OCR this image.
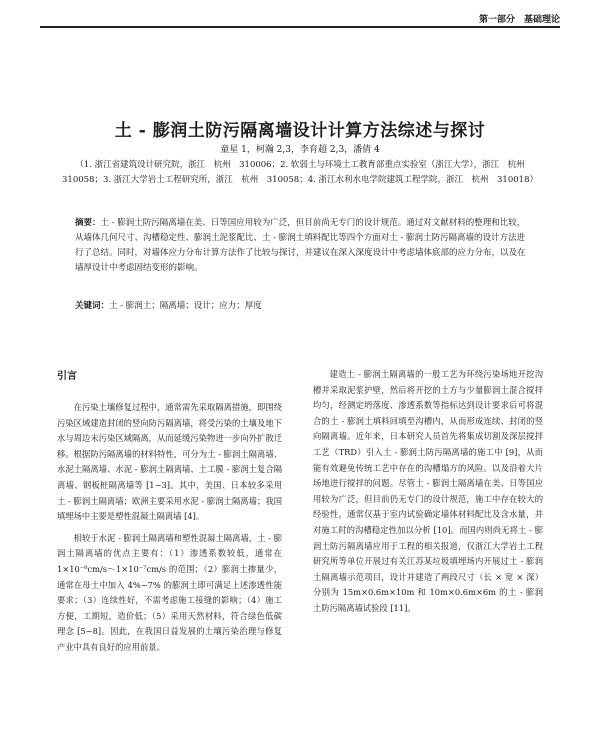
第一部分　基础理论
土 - 膨润土防污隔离墙设计计算方法综述与探讨
童星 1，柯瀚 2,3，李育超 2,3，潘倩 4
（1. 浙江省建筑设计研究院，浙江　杭州　310006；2. 软弱土与环境土工教育部重点实验室（浙江大学），浙江　杭州　310058；3. 浙江大学岩土工程研究所，浙江　杭州　310058；4. 浙江水利水电学院建筑工程学院，浙江　杭州　310018）
摘要：土 - 膨润土防污隔离墙在美、日等国应用较为广泛，但目前尚无专门的设计规范。通过对文献材料的整理和比较，从墙体几何尺寸、沟槽稳定性、膨润土泥浆配比、土 - 膨润土填料配比等四个方面对土 - 膨润土防污隔离墙的设计方法进行了总结。同时，对墙体应力分布计算方法作了比较与探讨，并建议在深入深度设计中考虑墙体底部的应力分布，以及在墙厚设计中考虑固结变形的影响。
关键词：土 - 膨润土；隔离墙；设计；应力；厚度
引言

在污染土壤修复过程中，通常需先采取隔离措施，即围绕污染区域建造封闭的竖向防污隔离墙，将受污染的土壤及地下水与周边未污染区域隔离，从而延缓污染物进一步向外扩散迁移。根据防污隔离墙的材料特性，可分为土 - 膨润土隔离墙、水泥土隔离墙、水泥 - 膨润土隔离墙、土工膜 - 膨润土复合隔离墙、钢板桩隔离墙等 [1~3]。其中，美国、日本较多采用土 - 膨润土隔离墙；欧洲主要采用水泥 - 膨润土隔离墙；我国填埋场中主要是塑性混凝土隔离墙 [4]。

相较于水泥 - 膨润土隔离墙和塑性混凝土隔离墙，土 - 膨润土隔离墙的优点主要有：（1）渗透系数较低，通常在 1×10⁻⁸cm/s～1×10⁻⁷cm/s 的范围；（2）膨润土掺量少，通常在母土中加入 4%~7% 的膨润土即可满足上述渗透性能要求；（3）连续性好，不需考虑施工接缝的影响；（4）施工方便，工期短，造价低；（5）采用天然材料，符合绿色低碳理念 [5~8]。因此，在我国日益发展的土壤污染治理与修复产业中具有良好的应用前景。

建造土 - 膨润土隔离墙的一般工艺为环绕污染场地开挖沟槽并采取泥浆护壁，然后将开挖的土方与少量膨润土混合搅拌均匀，经测定坍落度、渗透系数等指标达到设计要求后可将混合的土 - 膨润土填料回填至沟槽内，从而形成连续、封闭的竖向隔离墙。近年来，日本研究人员首先将集成切割及深层搅拌工艺（TRD）引入土 - 膨润土防污隔离墙的施工中 [9]，从而能有效避免传统工艺中存在的沟槽塌方的风险。以及沿着大片场地进行搅拌的问题。尽管土 - 膨润土隔离墙在美、日等国应用较为广泛，但目前仍无专门的设计规范，施工中存在较大的经验性，通常仅基于室内试验确定墙体材料配比及含水量，并对施工时的沟槽稳定性加以分析 [10]。而国内则尚无将土 - 膨润土防污隔离墙应用于工程的相关报道，仅浙江大学岩土工程研究所等单位开展过有关江苏某垃圾填埋场内开展过土 - 膨润土隔离墙示范项目，设计并建造了两段尺寸（长 × 宽 × 深）分别为 15m×0.6m×10m 和 10m×0.6m×6m 的土 - 膨润土防污隔离墙试验段 [11]。
